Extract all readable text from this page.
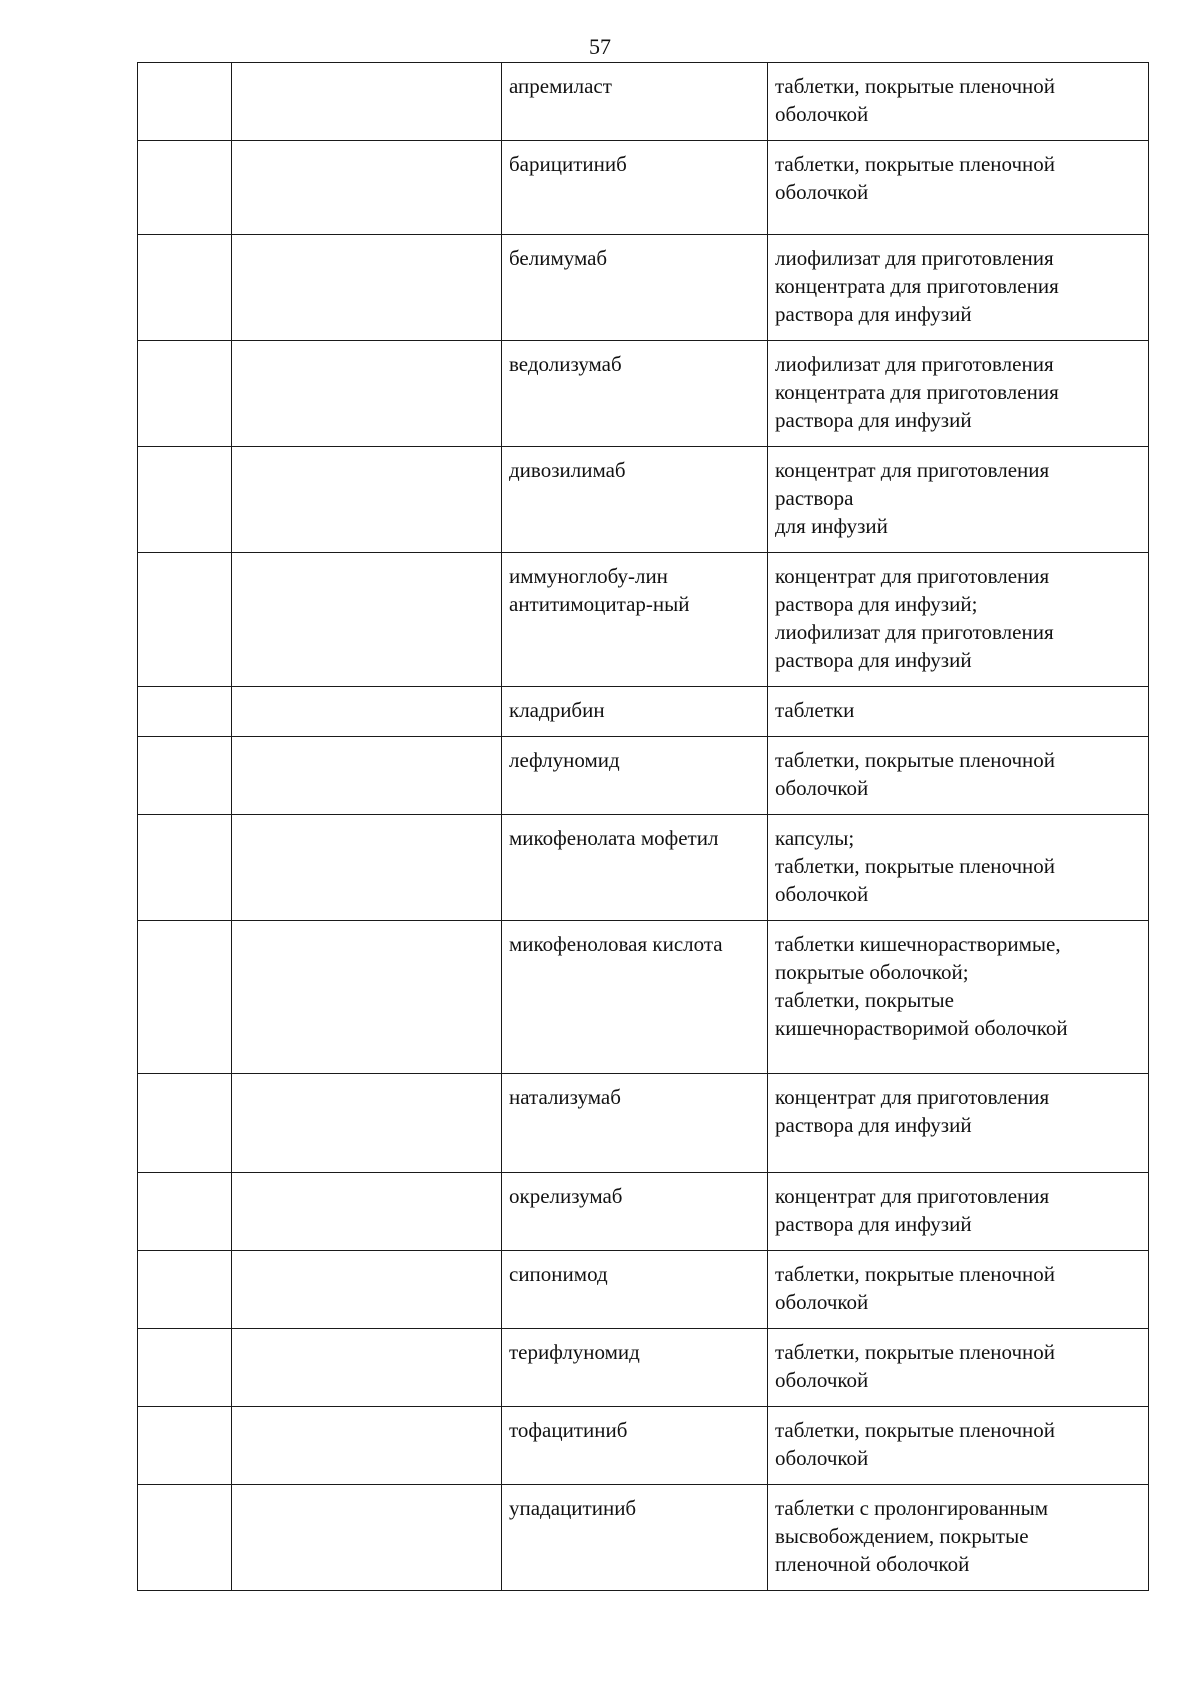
57
		апремиласт	таблетки, покрытые пленочной
оболочкой
		барицитиниб	таблетки, покрытые пленочной
оболочкой
		белимумаб	лиофилизат для приготовления
концентрата для приготовления
раствора для инфузий
		ведолизумаб	лиофилизат для приготовления
концентрата для приготовления
раствора для инфузий
		дивозилимаб	концентрат для приготовления
раствора
для инфузий
		иммуноглобу-лин
антитимоцитар-ный	концентрат для приготовления
раствора для инфузий;
лиофилизат для приготовления
раствора для инфузий
		кладрибин	таблетки
		лефлуномид	таблетки, покрытые пленочной
оболочкой
		микофенолата мофетил	капсулы;
таблетки, покрытые пленочной
оболочкой
		микофеноловая кислота	таблетки кишечнорастворимые,
покрытые оболочкой;
таблетки, покрытые
кишечнорастворимой оболочкой
		натализумаб	концентрат для приготовления
раствора для инфузий
		окрелизумаб	концентрат для приготовления
раствора для инфузий
		сипонимод	таблетки, покрытые пленочной
оболочкой
		терифлуномид	таблетки, покрытые пленочной
оболочкой
		тофацитиниб	таблетки, покрытые пленочной
оболочкой
		упадацитиниб	таблетки с пролонгированным
высвобождением, покрытые
пленочной оболочкой
